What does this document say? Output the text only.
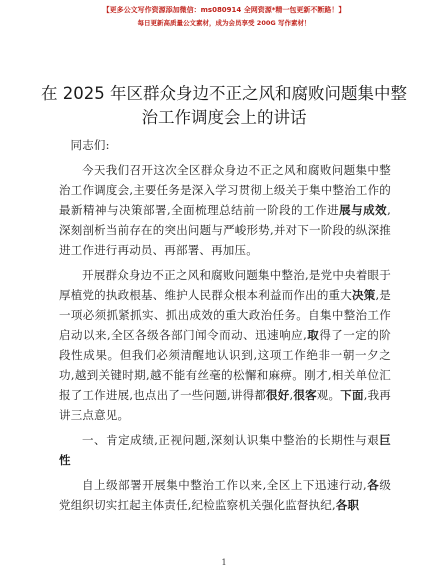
【更多公文写作资源添加微信：ms080914 全网资源*精一包更新不断路！】
每日更新高质量公文素材，成为会员享受 200G 写作素材！
在 2025 年区群众身边不正之风和腐败问题集中整治工作调度会上的讲话

同志们:

今天我们召开这次全区群众身边不正之风和腐败问题集中整治工作调度会,主要任务是深入学习贯彻上级关于集中整治工作的最新精神与决策部署,全面梳理总结前一阶段的工作进展与成效,深刻剖析当前存在的突出问题与严峻形势,并对下一阶段的纵深推进工作进行再动员、再部署、再加压。

开展群众身边不正之风和腐败问题集中整治,是党中央着眼于厚植党的执政根基、维护人民群众根本利益而作出的重大决策,是一项必须抓紧抓实、抓出成效的重大政治任务。自集中整治工作启动以来,全区各级各部门闻令而动、迅速响应,取得了一定的阶段性成果。但我们必须清醒地认识到,这项工作绝非一朝一夕之功,越到关键时期,越不能有丝毫的松懈和麻痹。刚才,相关单位汇报了工作进展,也点出了一些问题,讲得都很好,很客观。下面,我再讲三点意见。

一、肯定成绩,正视问题,深刻认识集中整治的长期性与艰巨性

自上级部署开展集中整治工作以来,全区上下迅速行动,各级党组织切实扛起主体责任,纪检监察机关强化监督执纪,各职

1
